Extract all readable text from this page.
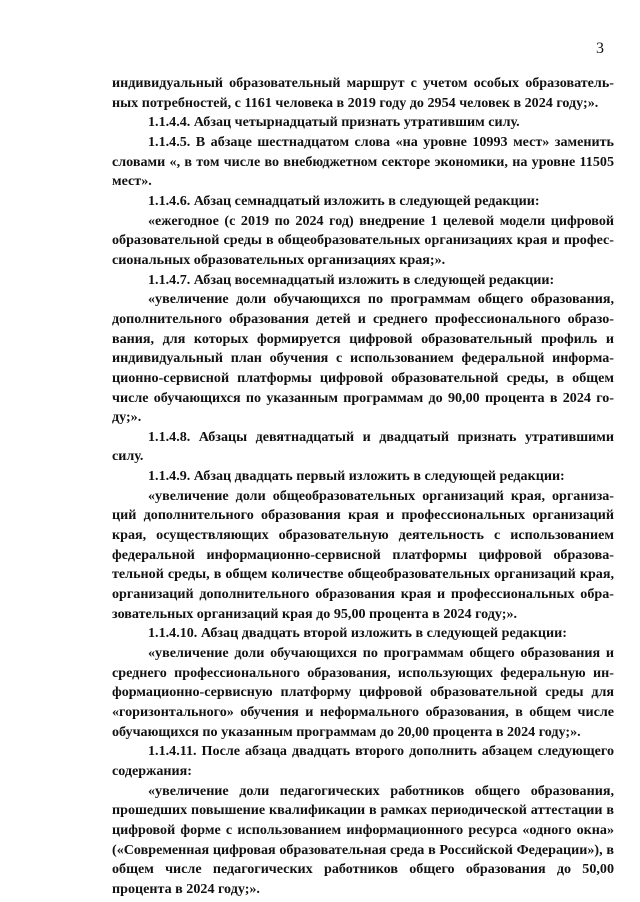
3

индивидуальный образовательный маршрут с учетом особых образовательных потребностей, с 1161 человека в 2019 году до 2954 человек в 2024 году;».

1.1.4.4. Абзац четырнадцатый признать утратившим силу.

1.1.4.5. В абзаце шестнадцатом слова «на уровне 10993 мест» заменить словами «, в том числе во внебюджетном секторе экономики, на уровне 11505 мест».

1.1.4.6. Абзац семнадцатый изложить в следующей редакции:

«ежегодное (с 2019 по 2024 год) внедрение 1 целевой модели цифровой образовательной среды в общеобразовательных организациях края и профессиональных образовательных организациях края;».

1.1.4.7. Абзац восемнадцатый изложить в следующей редакции:

«увеличение доли обучающихся по программам общего образования, дополнительного образования детей и среднего профессионального образования, для которых формируется цифровой образовательный профиль и индивидуальный план обучения с использованием федеральной информационно-сервисной платформы цифровой образовательной среды, в общем числе обучающихся по указанным программам до 90,00 процента в 2024 году;».

1.1.4.8. Абзацы девятнадцатый и двадцатый признать утратившими силу.

1.1.4.9. Абзац двадцать первый изложить в следующей редакции:

«увеличение доли общеобразовательных организаций края, организаций дополнительного образования края и профессиональных организаций края, осуществляющих образовательную деятельность с использованием федеральной информационно-сервисной платформы цифровой образовательной среды, в общем количестве общеобразовательных организаций края, организаций дополнительного образования края и профессиональных образовательных организаций края до 95,00 процента в 2024 году;».

1.1.4.10. Абзац двадцать второй изложить в следующей редакции:

«увеличение доли обучающихся по программам общего образования и среднего профессионального образования, использующих федеральную информационно-сервисную платформу цифровой образовательной среды для «горизонтального» обучения и неформального образования, в общем числе обучающихся по указанным программам до 20,00 процента в 2024 году;».

1.1.4.11. После абзаца двадцать второго дополнить абзацем следующего содержания:

«увеличение доли педагогических работников общего образования, прошедших повышение квалификации в рамках периодической аттестации в цифровой форме с использованием информационного ресурса «одного окна» («Современная цифровая образовательная среда в Российской Федерации»), в общем числе педагогических работников общего образования до 50,00 процента в 2024 году;».
